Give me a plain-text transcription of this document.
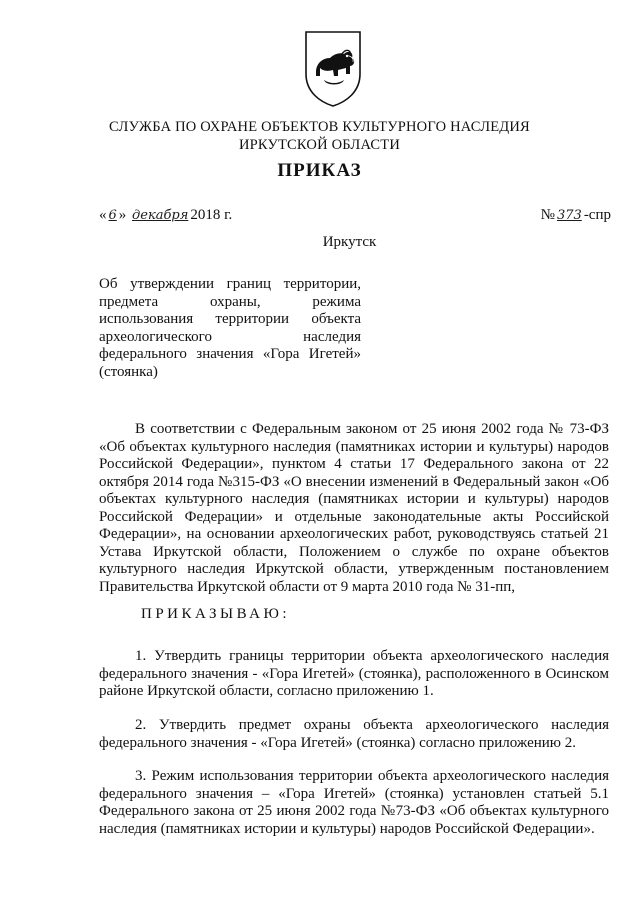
СЛУЖБА ПО ОХРАНЕ ОБЪЕКТОВ КУЛЬТУРНОГО НАСЛЕДИЯ
ИРКУТСКОЙ ОБЛАСТИ
ПРИКАЗ
« 6 » декабря 2018 г.	№ 373 -спр
Иркутск
Об утверждении границ территории, предмета охраны, режима использования территории объекта археологического наследия федерального значения «Гора Игетей» (стоянка)
В соответствии с Федеральным законом от 25 июня 2002 года № 73-ФЗ «Об объектах культурного наследия (памятниках истории и культуры) народов Российской Федерации», пунктом 4 статьи 17 Федерального закона от 22 октября 2014 года №315-ФЗ «О внесении изменений в Федеральный закон «Об объектах культурного наследия (памятниках истории и культуры) народов Российской Федерации» и отдельные законодательные акты Российской Федерации», на основании археологических работ, руководствуясь статьей 21 Устава Иркутской области, Положением о службе по охране объектов культурного наследия Иркутской области, утвержденным постановлением Правительства Иркутской области от 9 марта 2010 года № 31-пп,
ПРИКАЗЫВАЮ:
1. Утвердить границы территории объекта археологического наследия федерального значения - «Гора Игетей» (стоянка), расположенного в Осинском районе Иркутской области, согласно приложению 1.
2. Утвердить предмет охраны объекта археологического наследия федерального значения - «Гора Игетей» (стоянка) согласно приложению 2.
3. Режим использования территории объекта археологического наследия федерального значения – «Гора Игетей» (стоянка) установлен статьей 5.1 Федерального закона от 25 июня 2002 года №73-ФЗ «Об объектах культурного наследия (памятниках истории и культуры) народов Российской Федерации».
